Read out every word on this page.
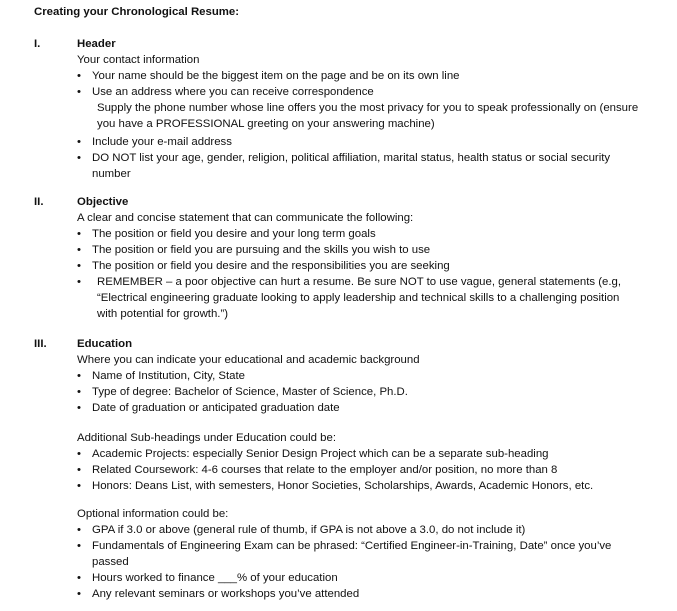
Creating your Chronological Resume:
I.	Header
Your contact information
• Your name should be the biggest item on the page and be on its own line
• Use an address where you can receive correspondence
Supply the phone number whose line offers you the most privacy for you to speak professionally on (ensure you have a PROFESSIONAL greeting on your answering machine)
• Include your e-mail address
• DO NOT list your age, gender, religion, political affiliation, marital status, health status or social security number
II.	Objective
A clear and concise statement that can communicate the following:
• The position or field you desire and your long term goals
• The position or field you are pursuing and the skills you wish to use
• The position or field you desire and the responsibilities you are seeking
• REMEMBER – a poor objective can hurt a resume. Be sure NOT to use vague, general statements (e.g, “Electrical engineering graduate looking to apply leadership and technical skills to a challenging position with potential for growth.”)
III.	Education
Where you can indicate your educational and academic background
• Name of Institution, City, State
• Type of degree: Bachelor of Science, Master of Science, Ph.D.
• Date of graduation or anticipated graduation date
Additional Sub-headings under Education could be:
• Academic Projects: especially Senior Design Project which can be a separate sub-heading
• Related Coursework: 4-6 courses that relate to the employer and/or position, no more than 8
• Honors: Deans List, with semesters, Honor Societies, Scholarships, Awards, Academic Honors, etc.
Optional information could be:
• GPA if 3.0 or above (general rule of thumb, if GPA is not above a 3.0, do not include it)
• Fundamentals of Engineering Exam can be phrased: “Certified Engineer-in-Training, Date” once you’ve passed
• Hours worked to finance ___% of your education
• Any relevant seminars or workshops you’ve attended
